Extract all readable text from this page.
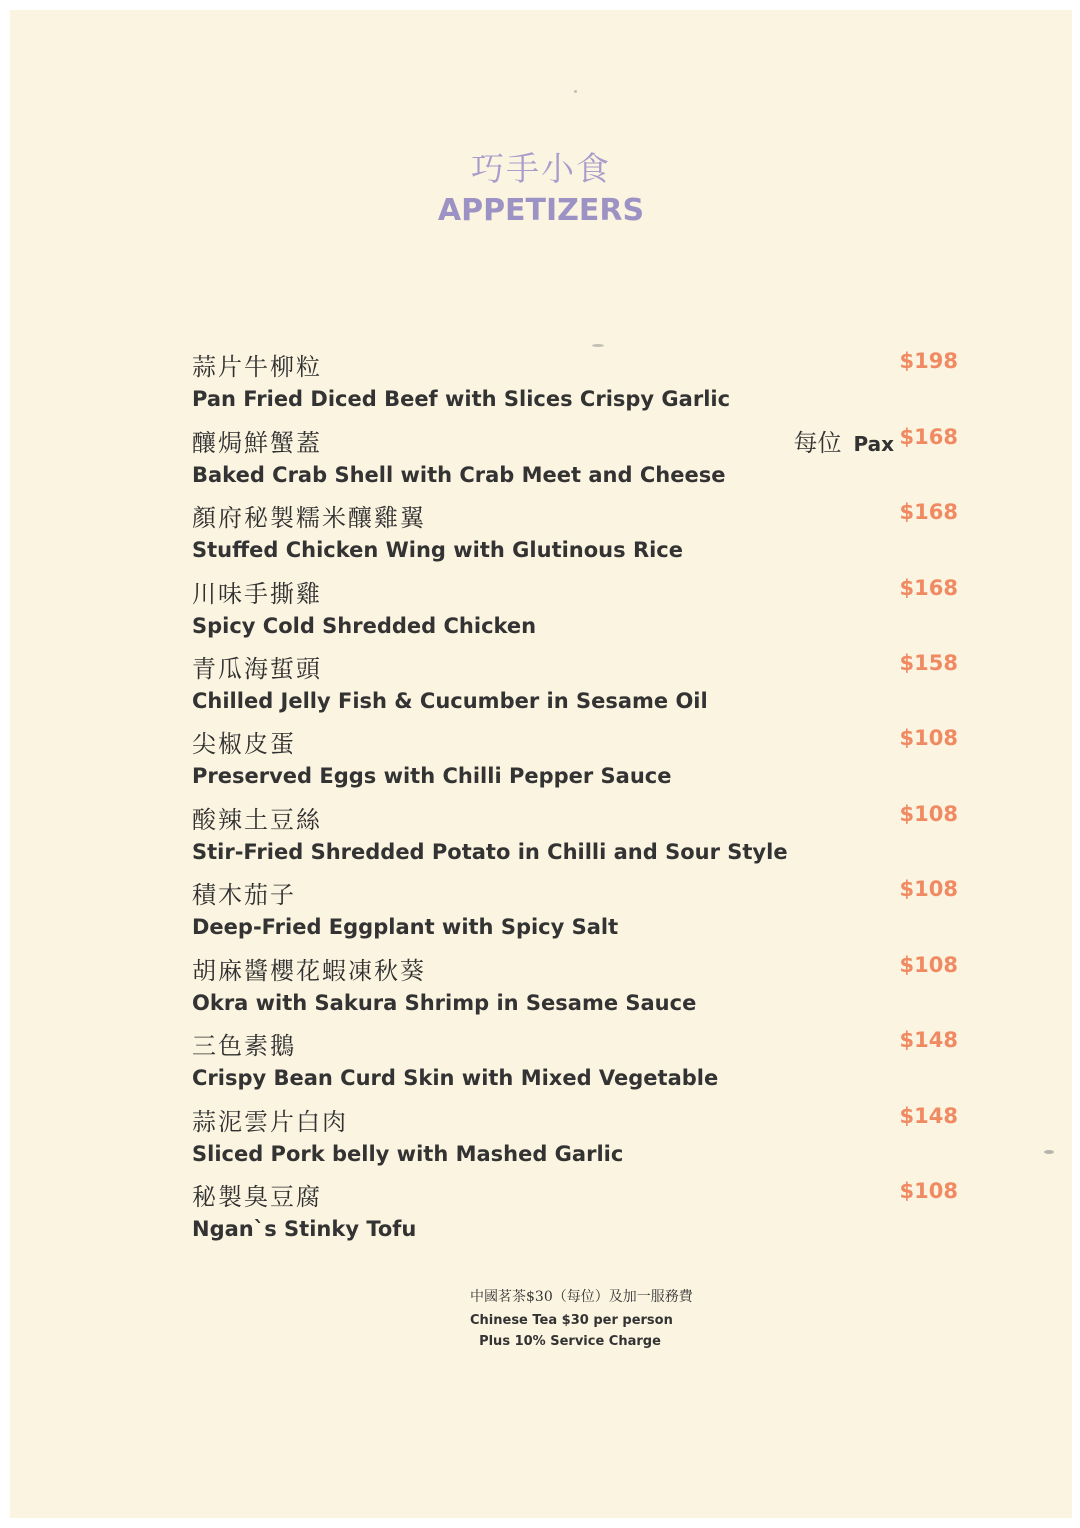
巧手小食
APPETIZERS
蒜片牛柳粒	$198
Pan Fried Diced Beef with Slices Crispy Garlic
釀焗鮮蟹蓋	每位 Pax $168
Baked Crab Shell with Crab Meet and Cheese
顏府秘製糯米釀雞翼	$168
Stuffed Chicken Wing with Glutinous Rice
川味手撕雞	$168
Spicy Cold Shredded Chicken
青瓜海蜇頭	$158
Chilled Jelly Fish & Cucumber in Sesame Oil
尖椒皮蛋	$108
Preserved Eggs with Chilli Pepper Sauce
酸辣土豆絲	$108
Stir-Fried Shredded Potato in Chilli and Sour Style
積木茄子	$108
Deep-Fried Eggplant with Spicy Salt
胡麻醬櫻花蝦凍秋葵	$108
Okra with Sakura Shrimp in Sesame Sauce
三色素鵝	$148
Crispy Bean Curd Skin with Mixed Vegetable
蒜泥雲片白肉	$148
Sliced Pork belly with Mashed Garlic
秘製臭豆腐	$108
Ngan`s Stinky Tofu
中國茗茶$30（每位）及加一服務費
Chinese Tea $30 per person
Plus 10% Service Charge
